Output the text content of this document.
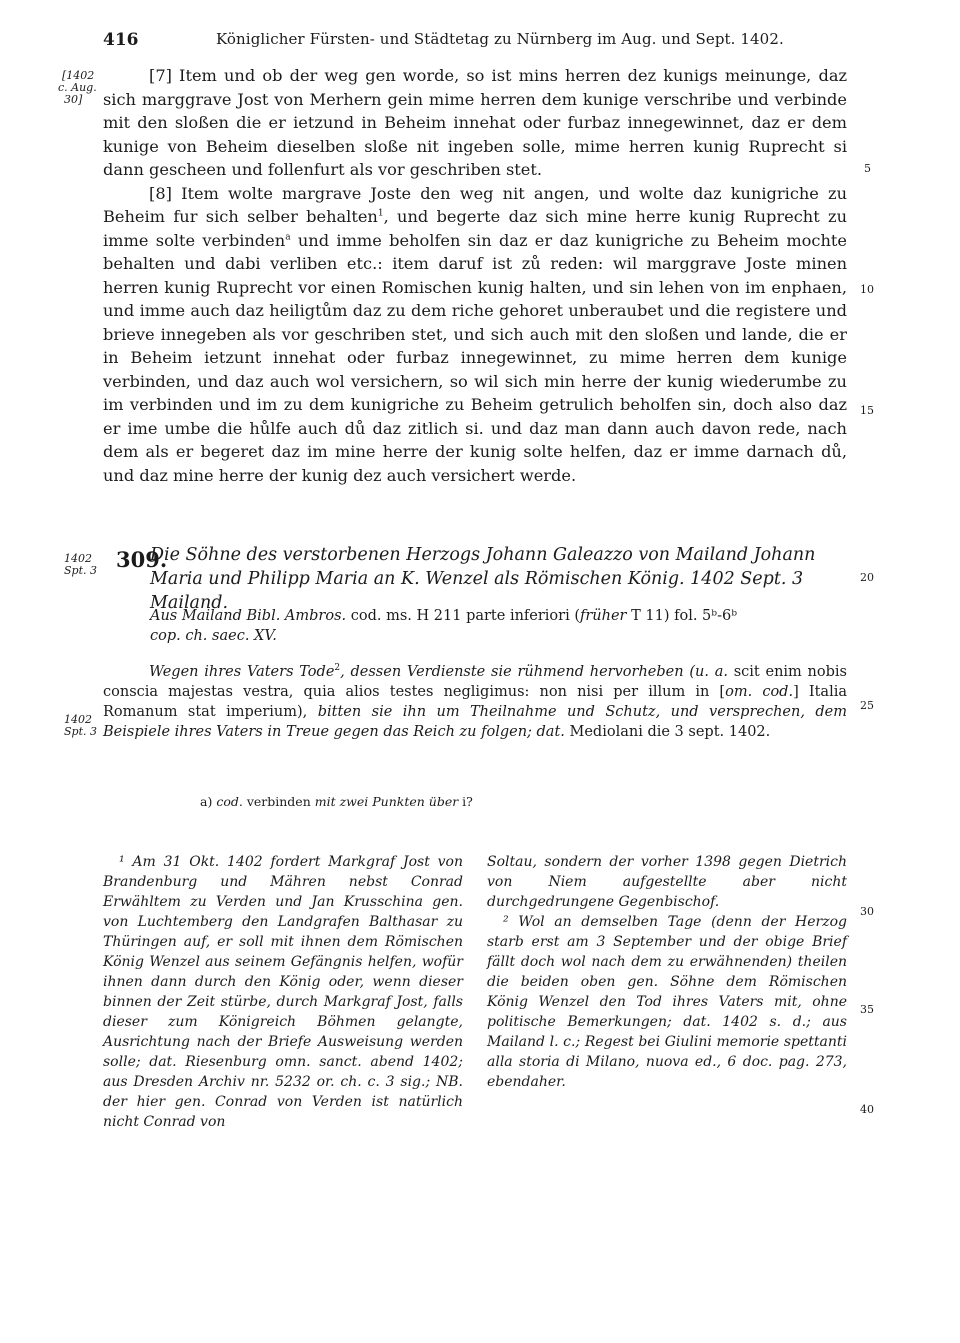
416	Königlicher Fürsten- und Städtetag zu Nürnberg im Aug. und Sept. 1402.
[1402
c. Aug.
30]
1402
Spt. 3
1402
Spt. 3
5
10
15
20
25
30
35
40

[7] Item und ob der weg gen worde, so ist mins herren dez kunigs meinunge, daz sich marggrave Jost von Merhern gein mime herren dem kunige verschribe und verbinde mit den sloßen die er ietzund in Beheim innehat oder furbaz innegewinnet, daz er dem kunige von Beheim dieselben sloße nit ingeben solle, mime herren kunig Ruprecht si dann gescheen und follenfurt als vor geschriben stet.

[8] Item wolte margrave Joste den weg nit angen, und wolte daz kunigriche zu Beheim fur sich selber behalten$^1$, und begerte daz sich mine herre kunig Ruprecht zu imme solte verbinden$^a$ und imme beholfen sin daz er daz kunigriche zu Beheim mochte behalten und dabi verliben etc.: item daruf ist zů reden: wil marggrave Joste minen herren kunig Ruprecht vor einen Romischen kunig halten, und sin lehen von im enphaen, und imme auch daz heiligtům daz zu dem riche gehoret unberaubet und die registere und brieve innegeben als vor geschriben stet, und sich auch mit den sloßen und lande, die er in Beheim ietzunt innehat oder furbaz innegewinnet, zu mime herren dem kunige verbinden, und daz auch wol versichern, so wil sich min herre der kunig wiederumbe zu im verbinden und im zu dem kunigriche zu Beheim getrulich beholfen sin, doch also daz er ime umbe die hůlfe auch dů daz zitlich si. und daz man dann auch davon rede, nach dem als er begeret daz im mine herre der kunig solte helfen, daz er imme darnach dů, und daz mine herre der kunig dez auch versichert werde.

309.
Die Söhne des verstorbenen Herzogs Johann Galeazzo von Mailand Johann Maria und Philipp Maria an K. Wenzel als Römischen König. 1402 Sept. 3 Mailand.
Aus Mailand Bibl. Ambros. cod. ms. H 211 parte inferiori (früher T 11) fol. 5ᵇ-6ᵇ
cop. ch. saec. XV.

Wegen ihres Vaters Tode$^2$, dessen Verdienste sie rühmend hervorheben (u. a. scit enim nobis conscia majestas vestra, quia alios testes negligimus: non nisi per illum in [om. cod.] Italia Romanum stat imperium), bitten sie ihn um Theilnahme und Schutz, und versprechen, dem Beispiele ihres Vaters in Treue gegen das Reich zu folgen; dat. Mediolani die 3 sept. 1402.

a) cod. verbinden mit zwei Punkten über i?

¹ Am 31 Okt. 1402 fordert Markgraf Jost von Brandenburg und Mähren nebst Conrad Erwähltem zu Verden und Jan Krusschina gen. von Luchtemberg den Landgrafen Balthasar zu Thüringen auf, er soll mit ihnen dem Römischen König Wenzel aus seinem Gefängnis helfen, wofür ihnen dann durch den König oder, wenn dieser binnen der Zeit stürbe, durch Markgraf Jost, falls dieser zum Königreich Böhmen gelangte, Ausrichtung nach der Briefe Ausweisung werden solle; dat. Riesenburg omn. sanct. abend 1402; aus Dresden Archiv nr. 5232 or. ch. c. 3 sig.; NB. der hier gen. Conrad von Verden ist natürlich nicht Conrad von

Soltau, sondern der vorher 1398 gegen Dietrich von Niem aufgestellte aber nicht durchgedrungene Gegenbischof.

² Wol an demselben Tage (denn der Herzog starb erst am 3 September und der obige Brief fällt doch wol nach dem zu erwähnenden) theilen die beiden oben gen. Söhne dem Römischen König Wenzel den Tod ihres Vaters mit, ohne politische Bemerkungen; dat. 1402 s. d.; aus Mailand l. c.; Regest bei Giulini memorie spettanti alla storia di Milano, nuova ed., 6 doc. pag. 273, ebendaher.
